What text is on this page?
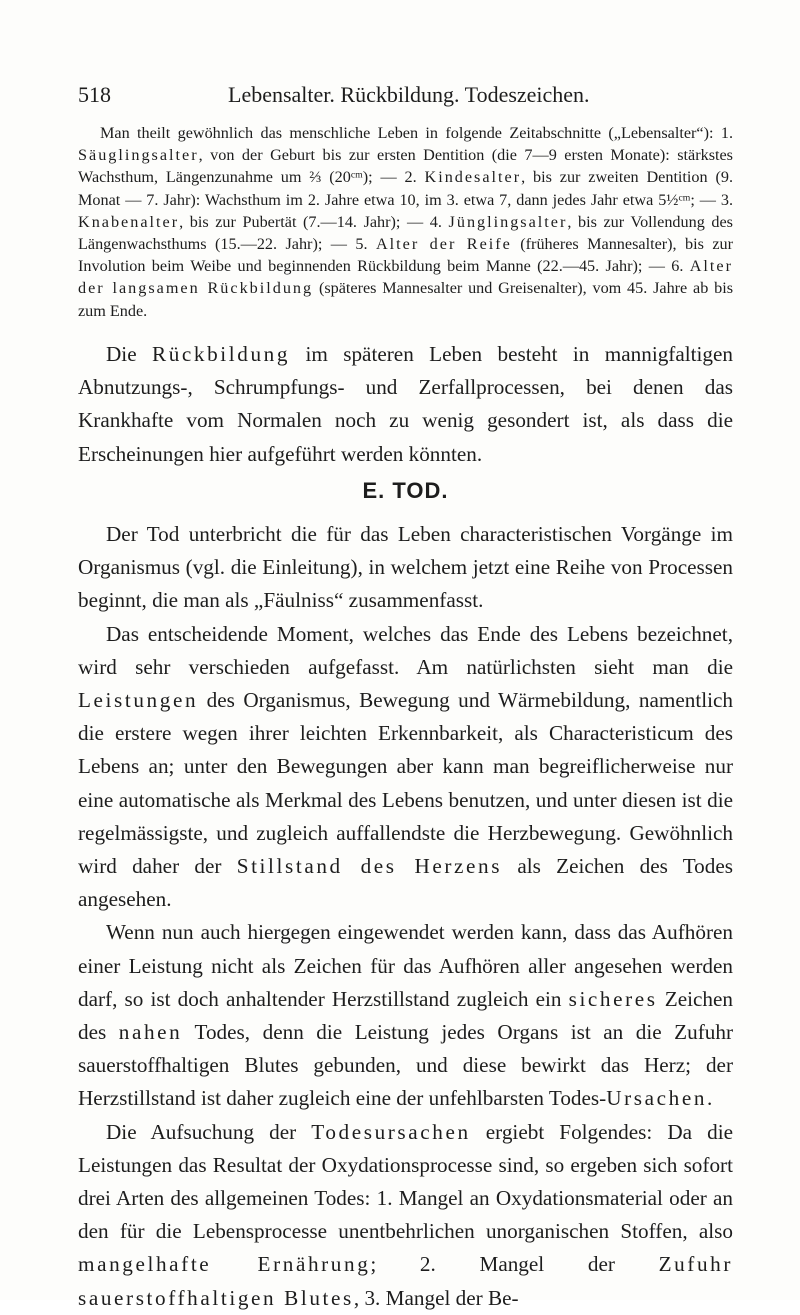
518	Lebensalter. Rückbildung. Todeszeichen.

Man theilt gewöhnlich das menschliche Leben in folgende Zeitabschnitte („Lebensalter“): 1. Säuglingsalter, von der Geburt bis zur ersten Dentition (die 7—9 ersten Monate): stärkstes Wachsthum, Längenzunahme um ⅔ $(20^{cm})$; — 2. Kindesalter, bis zur zweiten Dentition (9. Monat — 7. Jahr): Wachsthum im 2. Jahre etwa 10, im 3. etwa 7, dann jedes Jahr etwa 5½$^{cm}$; — 3. Knabenalter, bis zur Pubertät (7.—14. Jahr); — 4. Jünglingsalter, bis zur Vollendung des Längenwachsthums (15.—22. Jahr); — 5. Alter der Reife (früheres Mannesalter), bis zur Involution beim Weibe und beginnenden Rückbildung beim Manne (22.—45. Jahr); — 6. Alter der langsamen Rückbildung (späteres Mannesalter und Greisenalter), vom 45. Jahre ab bis zum Ende.

Die Rückbildung im späteren Leben besteht in mannigfaltigen Abnutzungs-, Schrumpfungs- und Zerfallprocessen, bei denen das Krankhafte vom Normalen noch zu wenig gesondert ist, als dass die Erscheinungen hier aufgeführt werden könnten.

E. TOD.

Der Tod unterbricht die für das Leben characteristischen Vorgänge im Organismus (vgl. die Einleitung), in welchem jetzt eine Reihe von Processen beginnt, die man als „Fäulniss“ zusammenfasst.

Das entscheidende Moment, welches das Ende des Lebens bezeichnet, wird sehr verschieden aufgefasst. Am natürlichsten sieht man die Leistungen des Organismus, Bewegung und Wärmebildung, namentlich die erstere wegen ihrer leichten Erkennbarkeit, als Characteristicum des Lebens an; unter den Bewegungen aber kann man begreiflicherweise nur eine automatische als Merkmal des Lebens benutzen, und unter diesen ist die regelmässigste, und zugleich auffallendste die Herzbewegung. Gewöhnlich wird daher der Stillstand des Herzens als Zeichen des Todes angesehen.

Wenn nun auch hiergegen eingewendet werden kann, dass das Aufhören einer Leistung nicht als Zeichen für das Aufhören aller angesehen werden darf, so ist doch anhaltender Herzstillstand zugleich ein sicheres Zeichen des nahen Todes, denn die Leistung jedes Organs ist an die Zufuhr sauerstoffhaltigen Blutes gebunden, und diese bewirkt das Herz; der Herzstillstand ist daher zugleich eine der unfehlbarsten Todes-Ursachen.

Die Aufsuchung der Todesursachen ergiebt Folgendes: Da die Leistungen das Resultat der Oxydationsprocesse sind, so ergeben sich sofort drei Arten des allgemeinen Todes: 1. Mangel an Oxydationsmaterial oder an den für die Lebensprocesse unentbehrlichen unorganischen Stoffen, also mangelhafte Ernährung; 2. Mangel der Zufuhr sauerstoffhaltigen Blutes, 3. Mangel der Be-
